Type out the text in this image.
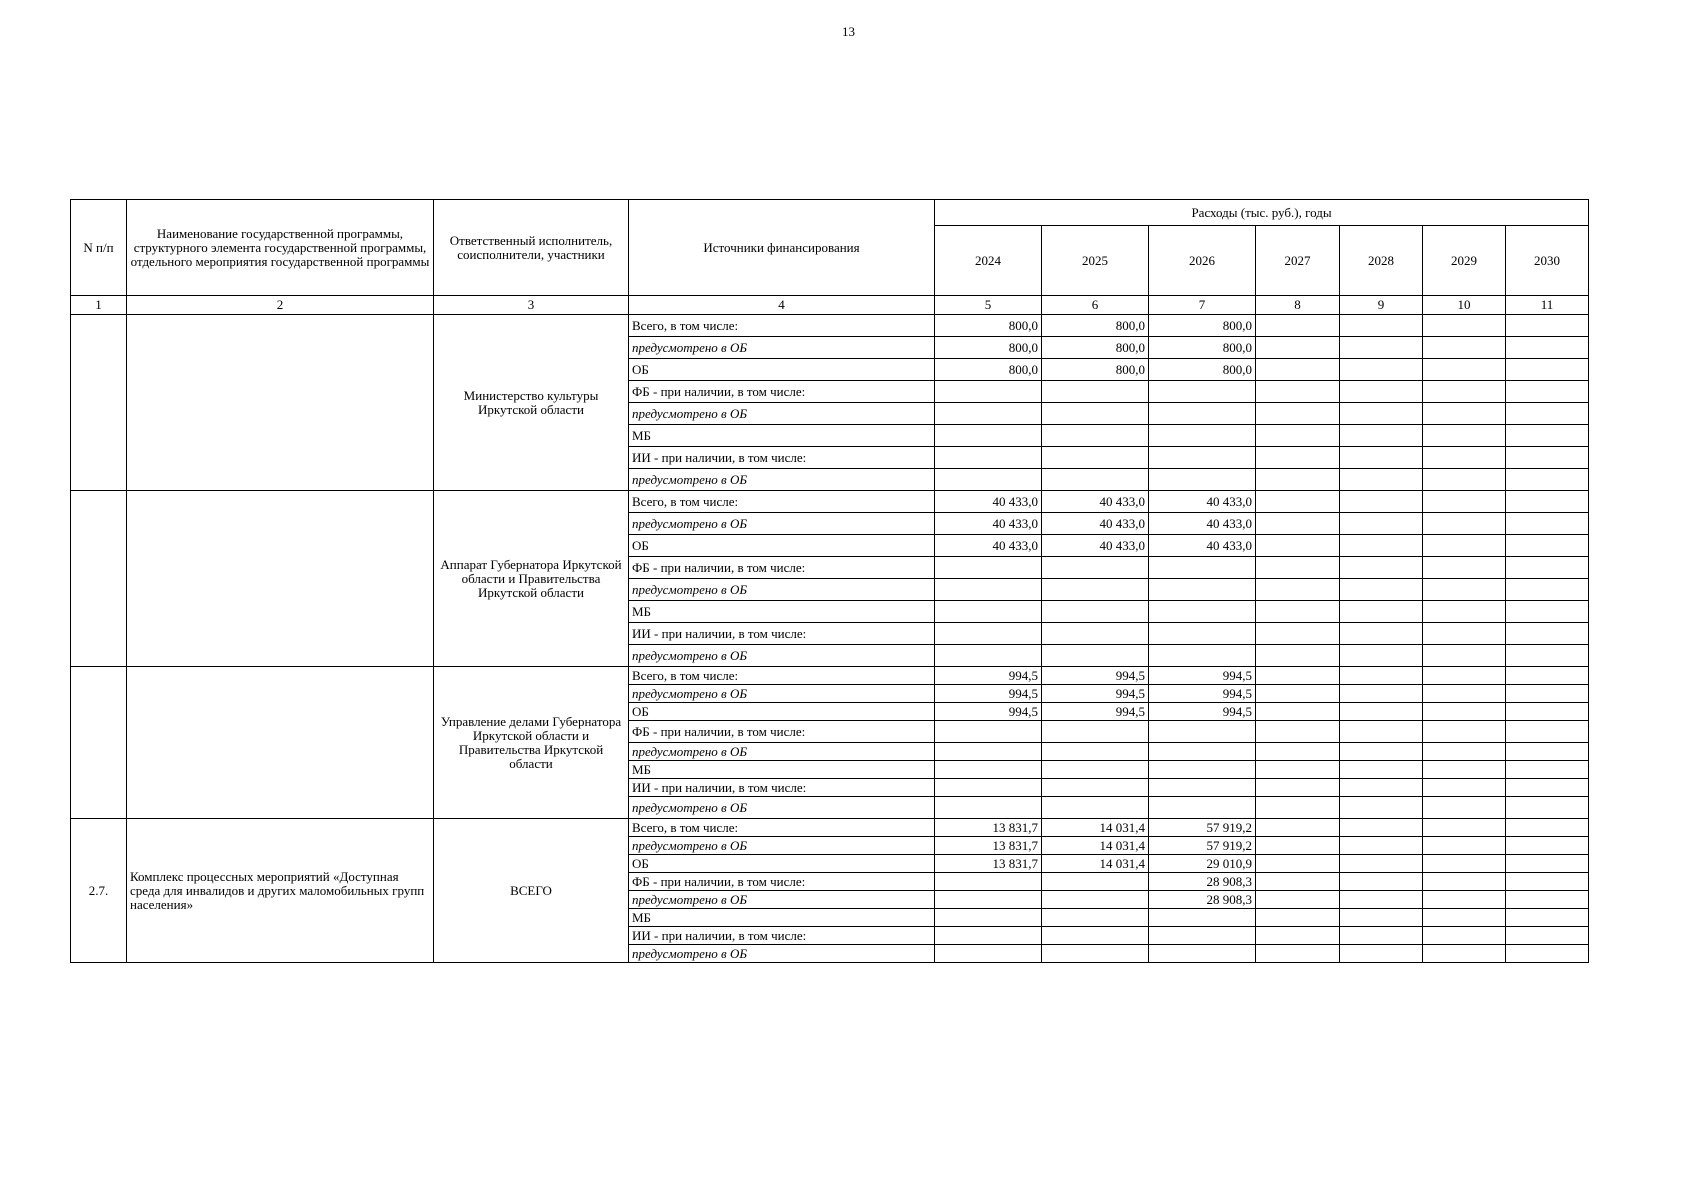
13
N п/п	Наименование государственной программы, структурного элемента государственной программы, отдельного мероприятия государственной программы	Ответственный исполнитель, соисполнители, участники	Источники финансирования	Расходы (тыс. руб.), годы						
				2024	2025	2026	2027	2028	2029	2030
1	2	3	4	5	6	7	8	9	10	11
		Министерство культуры Иркутской области	Всего, в том числе:	800,0	800,0	800,0				
			предусмотрено в ОБ	800,0	800,0	800,0				
			ОБ	800,0	800,0	800,0				
			ФБ - при наличии, в том числе:							
			предусмотрено в ОБ							
			МБ							
			ИИ - при наличии, в том числе:							
			предусмотрено в ОБ							
		Аппарат Губернатора Иркутской области и Правительства Иркутской области	Всего, в том числе:	40 433,0	40 433,0	40 433,0				
			предусмотрено в ОБ	40 433,0	40 433,0	40 433,0				
			ОБ	40 433,0	40 433,0	40 433,0				
			ФБ - при наличии, в том числе:							
			предусмотрено в ОБ							
			МБ							
			ИИ - при наличии, в том числе:							
			предусмотрено в ОБ							
		Управление делами Губернатора Иркутской области и Правительства Иркутской области	Всего, в том числе:	994,5	994,5	994,5				
			предусмотрено в ОБ	994,5	994,5	994,5				
			ОБ	994,5	994,5	994,5				
			ФБ - при наличии, в том числе:							
			предусмотрено в ОБ							
			МБ							
			ИИ - при наличии, в том числе:							
			предусмотрено в ОБ							
2.7.	Комплекс процессных мероприятий «Доступная среда для инвалидов и других маломобильных групп населения»	ВСЕГО	Всего, в том числе:	13 831,7	14 031,4	57 919,2				
			предусмотрено в ОБ	13 831,7	14 031,4	57 919,2				
			ОБ	13 831,7	14 031,4	29 010,9				
			ФБ - при наличии, в том числе:			28 908,3				
			предусмотрено в ОБ			28 908,3				
			МБ							
			ИИ - при наличии, в том числе:							
			предусмотрено в ОБ							
